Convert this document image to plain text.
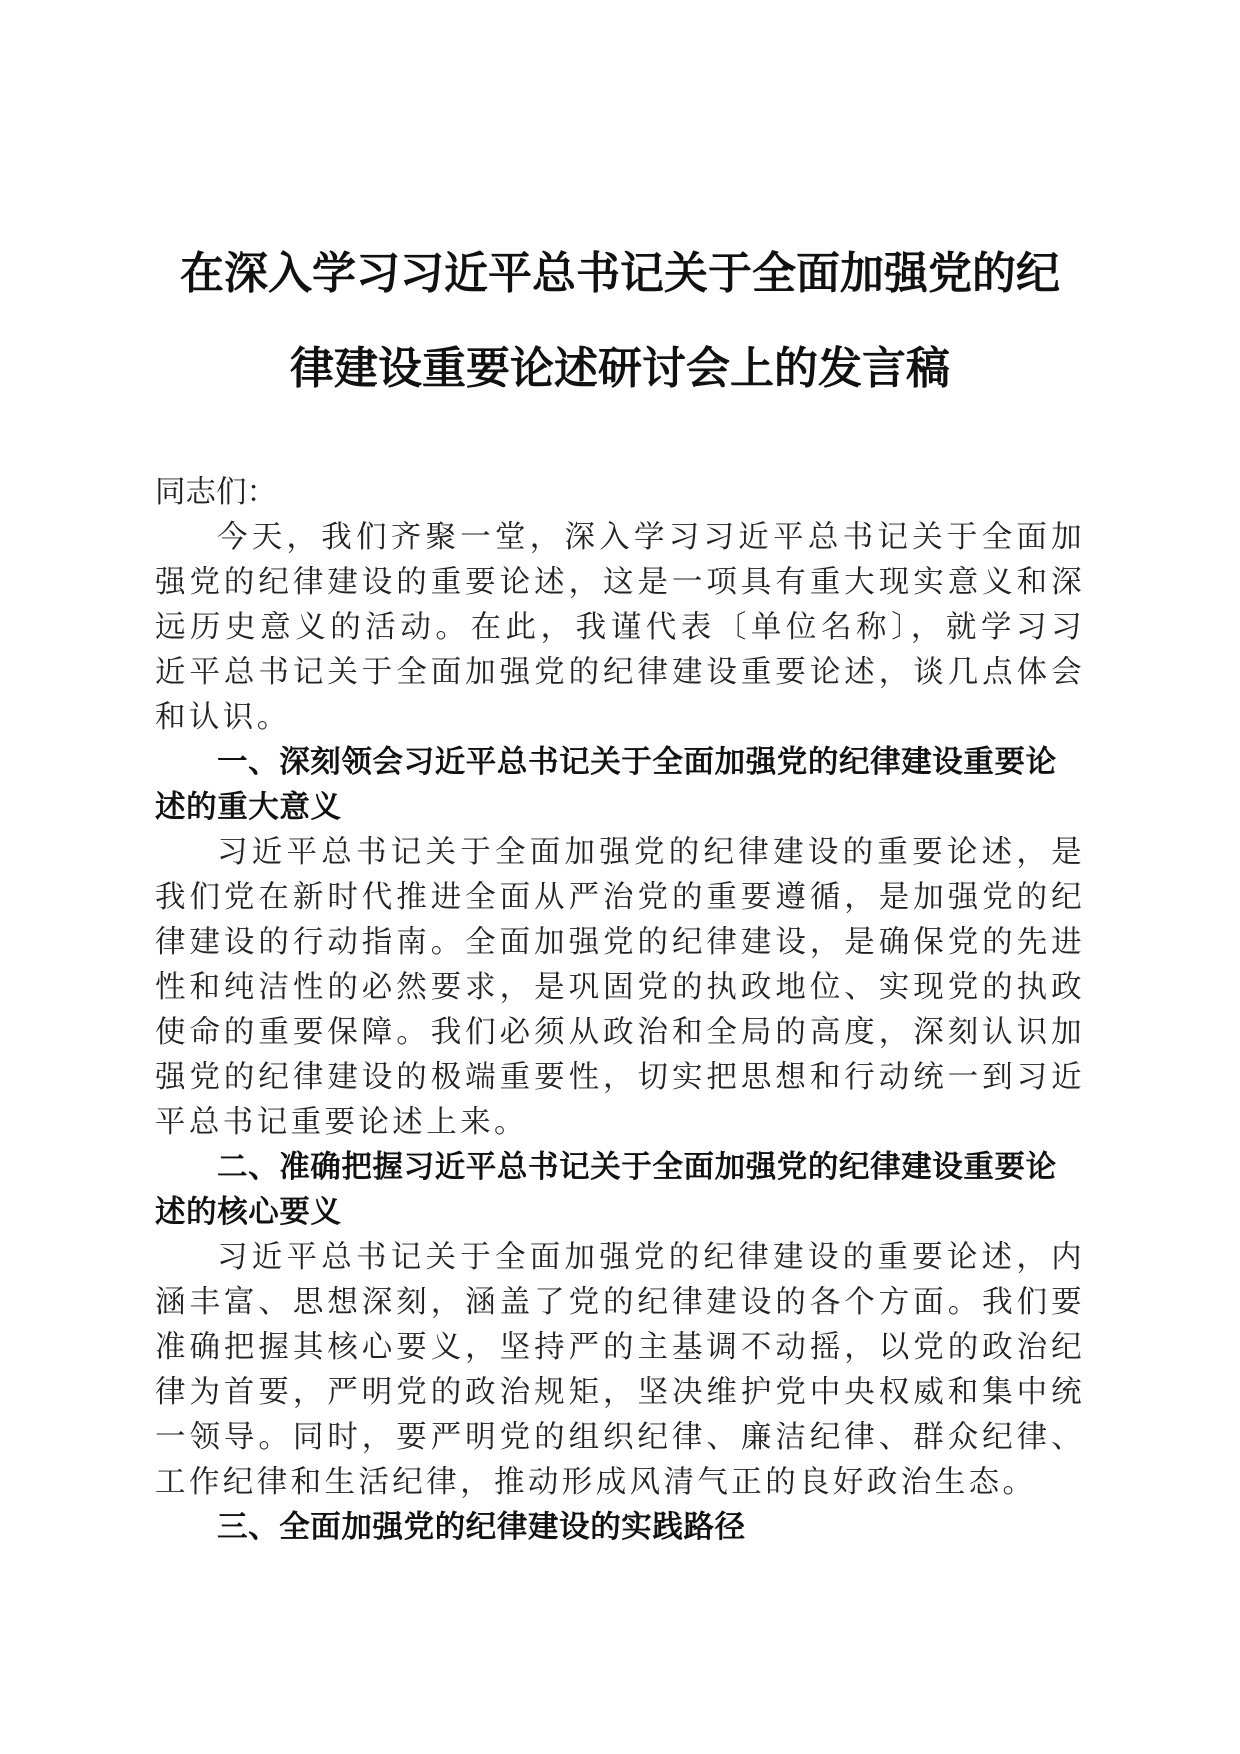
在深入学习习近平总书记关于全面加强党的纪
律建设重要论述研讨会上的发言稿

同志们：

今天，我们齐聚一堂，深入学习习近平总书记关于全面加强党的纪律建设的重要论述，这是一项具有重大现实意义和深远历史意义的活动。在此，我谨代表〔单位名称〕，就学习习近平总书记关于全面加强党的纪律建设重要论述，谈几点体会和认识。

一、深刻领会习近平总书记关于全面加强党的纪律建设重要论述的重大意义

习近平总书记关于全面加强党的纪律建设的重要论述，是我们党在新时代推进全面从严治党的重要遵循，是加强党的纪律建设的行动指南。全面加强党的纪律建设，是确保党的先进性和纯洁性的必然要求，是巩固党的执政地位、实现党的执政使命的重要保障。我们必须从政治和全局的高度，深刻认识加强党的纪律建设的极端重要性，切实把思想和行动统一到习近平总书记重要论述上来。

二、准确把握习近平总书记关于全面加强党的纪律建设重要论述的核心要义

习近平总书记关于全面加强党的纪律建设的重要论述，内涵丰富、思想深刻，涵盖了党的纪律建设的各个方面。我们要准确把握其核心要义，坚持严的主基调不动摇，以党的政治纪律为首要，严明党的政治规矩，坚决维护党中央权威和集中统一领导。同时，要严明党的组织纪律、廉洁纪律、群众纪律、工作纪律和生活纪律，推动形成风清气正的良好政治生态。

三、全面加强党的纪律建设的实践路径
